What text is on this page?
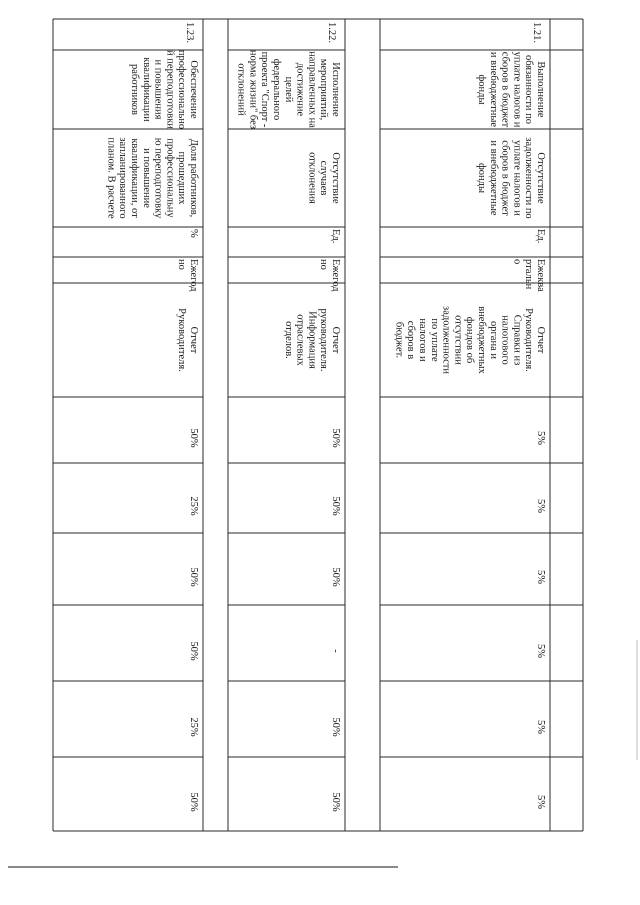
1.21.
Выполнение
обязанности по
уплате налогов и
сборов в бюджет
и внебюджетные
фонды
Отсутствие
задолженности по
уплате налогов и
сборов в бюджет
и внебюджетные
фонды
Ед.
Ежеква
ртальн
о
Отчет
Руководителя.
Справки из
налогового
органа и
внебюджетных
фондов об
отсутствии
задолженности
по уплате
налогов и
сборов в
бюджет.
5%
5%
5%
5%
5%
5%
1.22.
Исполнение
мероприятий,
направленных на
достижение
целей
федерального
проекта "Спорт -
норма жизни" без
отклонений
Отсутствие
случаев
отклонения
Ед.
Ежегод
но
Отчет
руководителя.
Информация
отраслевых
отделов.
50%
50%
50%
-
50%
50%
1.23.
Обеспечение
профессионально
й переподготовки
и повышения
квалификации
работников
Доля работников,
прошедших
профессиональну
ю переподготовку
и повышение
квалификации, от
запланированного
планом. В расчете
%
Ежегод
но
Отчет
Руководителя.
50%
25%
50%
50%
25%
50%
